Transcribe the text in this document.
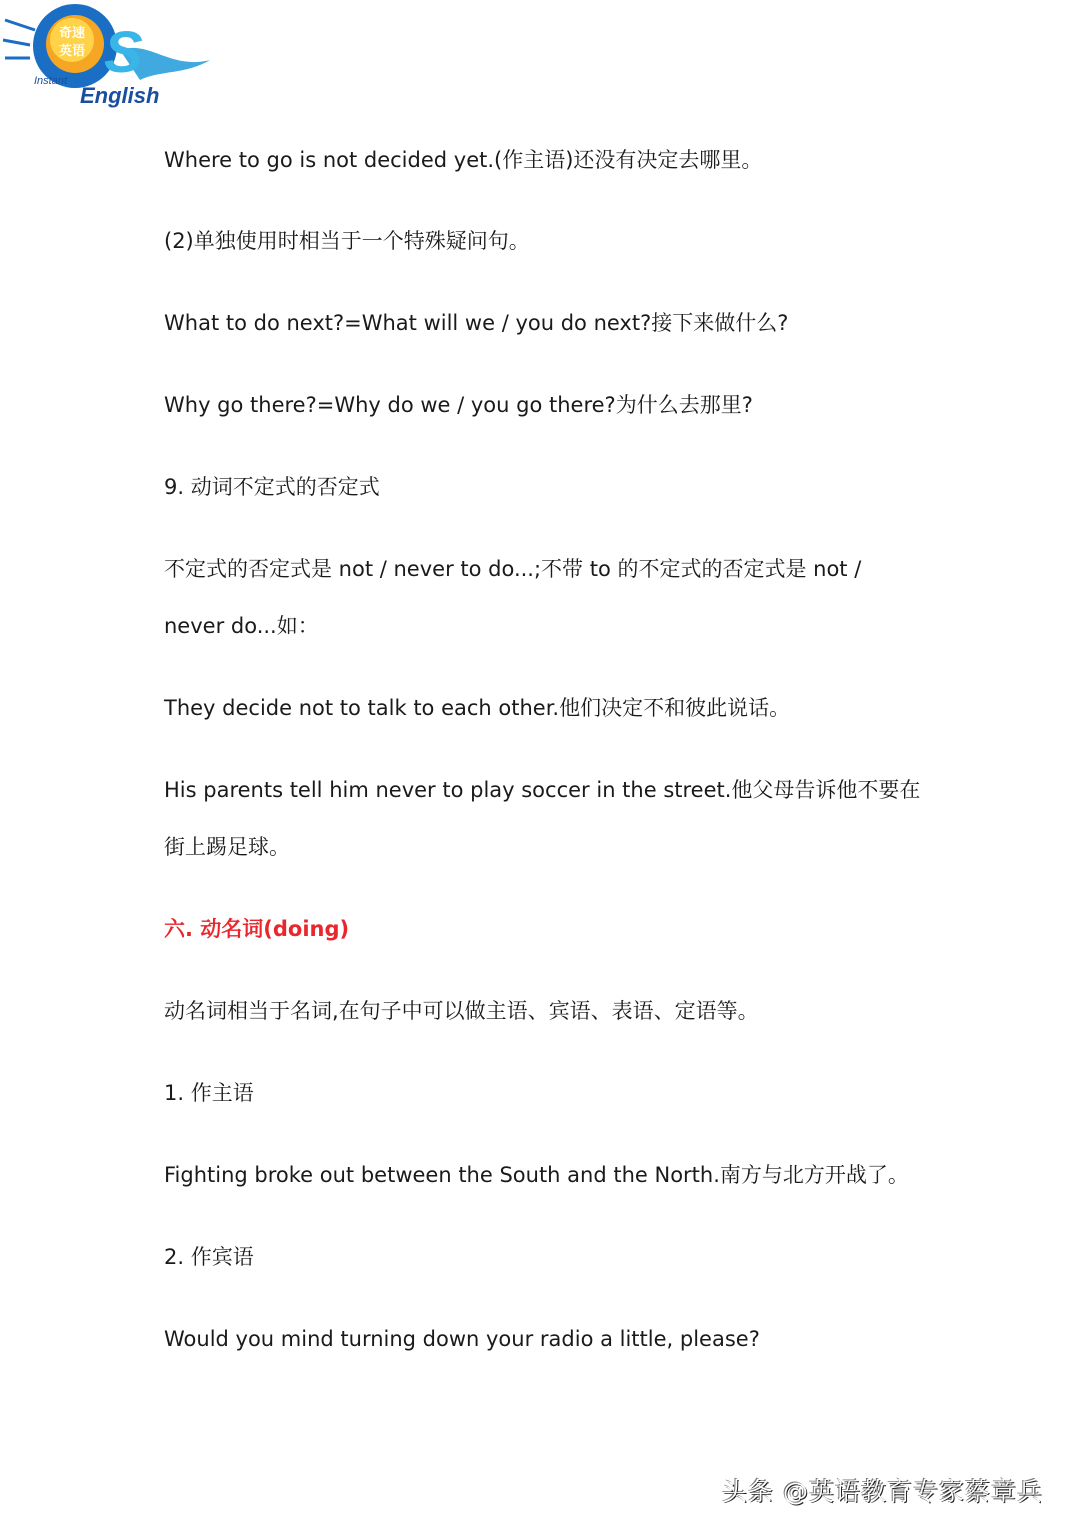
奇速
英语 S
Instant
English
Where to go is not decided yet.(作主语)还没有决定去哪里。
(2)单独使用时相当于一个特殊疑问句。
What to do next?=What will we / you do next?接下来做什么?
Why go there?=Why do we / you go there?为什么去那里?
9. 动词不定式的否定式
不定式的否定式是 not / never to do...;不带 to 的不定式的否定式是 not /
never do...如：
They decide not to talk to each other.他们决定不和彼此说话。
His parents tell him never to play soccer in the street.他父母告诉他不要在
街上踢足球。
六. 动名词(doing)
动名词相当于名词,在句子中可以做主语、宾语、表语、定语等。
1. 作主语
Fighting broke out between the South and the North.南方与北方开战了。
2. 作宾语
Would you mind turning down your radio a little, please?
头条 @英语教育专家蔡章兵
